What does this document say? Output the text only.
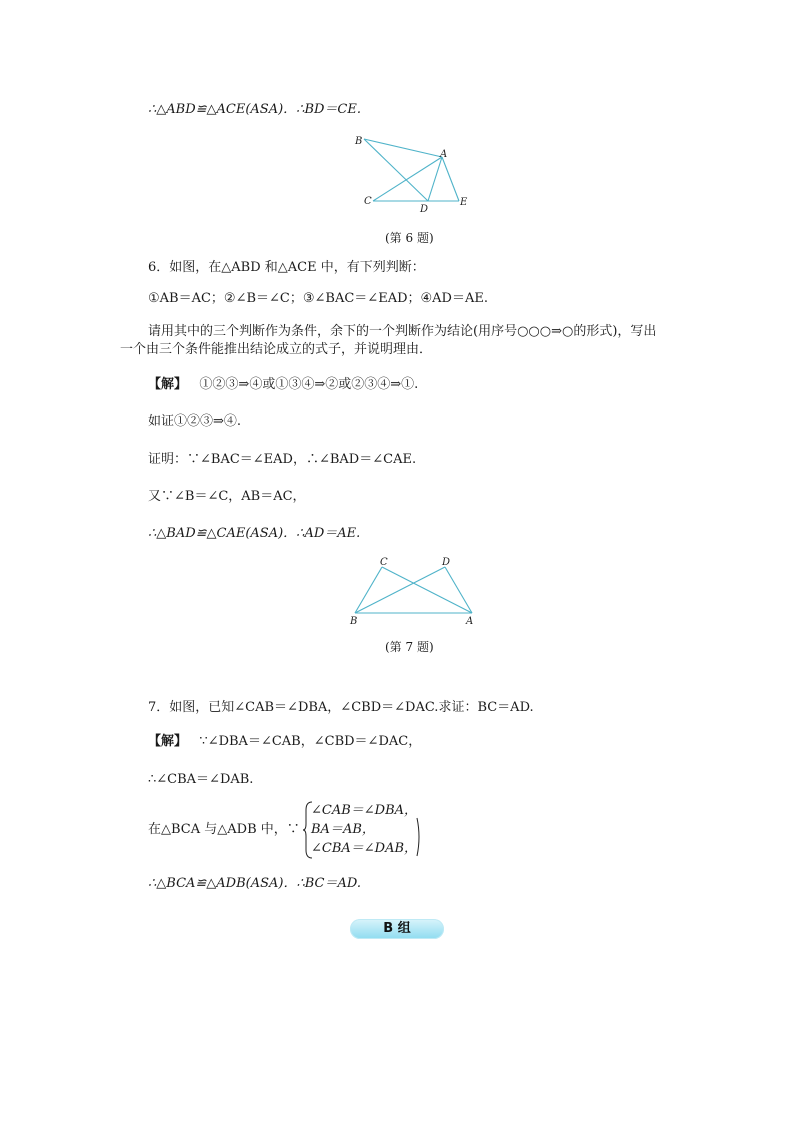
∴△ABD≌△ACE(ASA)．∴BD＝CE.
B
A
C
D
E
(第 6 题)
6．如图，在△ABD 和△ACE 中，有下列判断：
①AB＝AC；②∠B＝∠C；③∠BAC＝∠EAD；④AD＝AE.
请用其中的三个判断作为条件，余下的一个判断作为结论(用序号○○○⇒○的形式)，写出
一个由三个条件能推出结论成立的式子，并说明理由．
【解】 ①②③⇒④或①③④⇒②或②③④⇒①.
如证①②③⇒④.
证明：∵∠BAC＝∠EAD，∴∠BAD＝∠CAE.
又∵∠B＝∠C，AB＝AC，
∴△BAD≌△CAE(ASA)．∴AD＝AE.
C	D
B	A
(第 7 题)
7．如图，已知∠CAB＝∠DBA，∠CBD＝∠DAC.求证：BC＝AD.
【解】 ∵∠DBA＝∠CAB，∠CBD＝∠DAC，
∴∠CBA＝∠DAB.
在△BCA 与△ADB 中，∵
∠CAB＝∠DBA，
BA＝AB，
∠CBA＝∠DAB，
∴△BCA≌△ADB(ASA)．∴BC＝AD.
B 组
